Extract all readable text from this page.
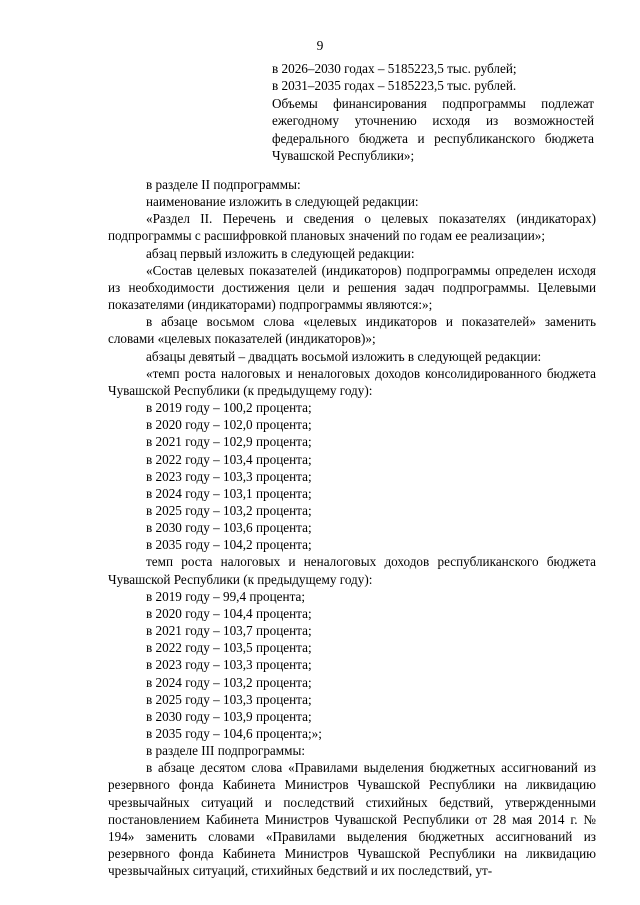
9
в 2026–2030 годах – 5185223,5 тыс. рублей;
в 2031–2035 годах – 5185223,5 тыс. рублей.
Объемы финансирования подпрограммы подлежат ежегодному уточнению исходя из возможностей федерального бюджета и республиканского бюджета Чувашской Республики»;

в разделе II подпрограммы:

наименование изложить в следующей редакции:

«Раздел II. Перечень и сведения о целевых показателях (индикаторах) подпрограммы с расшифровкой плановых значений по годам ее реализации»;

абзац первый изложить в следующей редакции:

«Состав целевых показателей (индикаторов) подпрограммы определен исходя из необходимости достижения цели и решения задач подпрограммы. Целевыми показателями (индикаторами) подпрограммы являются:»;

в абзаце восьмом слова «целевых индикаторов и показателей» заменить словами «целевых показателей (индикаторов)»;

абзацы девятый – двадцать восьмой изложить в следующей редакции:

«темп роста налоговых и неналоговых доходов консолидированного бюджета Чувашской Республики (к предыдущему году):

в 2019 году – 100,2 процента;

в 2020 году – 102,0 процента;

в 2021 году – 102,9 процента;

в 2022 году – 103,4 процента;

в 2023 году – 103,3 процента;

в 2024 году – 103,1 процента;

в 2025 году – 103,2 процента;

в 2030 году – 103,6 процента;

в 2035 году – 104,2 процента;

темп роста налоговых и неналоговых доходов республиканского бюджета Чувашской Республики (к предыдущему году):

в 2019 году – 99,4 процента;

в 2020 году – 104,4 процента;

в 2021 году – 103,7 процента;

в 2022 году – 103,5 процента;

в 2023 году – 103,3 процента;

в 2024 году – 103,2 процента;

в 2025 году – 103,3 процента;

в 2030 году – 103,9 процента;

в 2035 году – 104,6 процента;»;

в разделе III подпрограммы:

в абзаце десятом слова «Правилами выделения бюджетных ассигнований из резервного фонда Кабинета Министров Чувашской Республики на ликвидацию чрезвычайных ситуаций и последствий стихийных бедствий, утвержденными постановлением Кабинета Министров Чувашской Республики от 28 мая 2014 г. № 194» заменить словами «Правилами выделения бюджетных ассигнований из резервного фонда Кабинета Министров Чувашской Республики на ликвидацию чрезвычайных ситуаций, стихийных бедствий и их последствий, ут-
